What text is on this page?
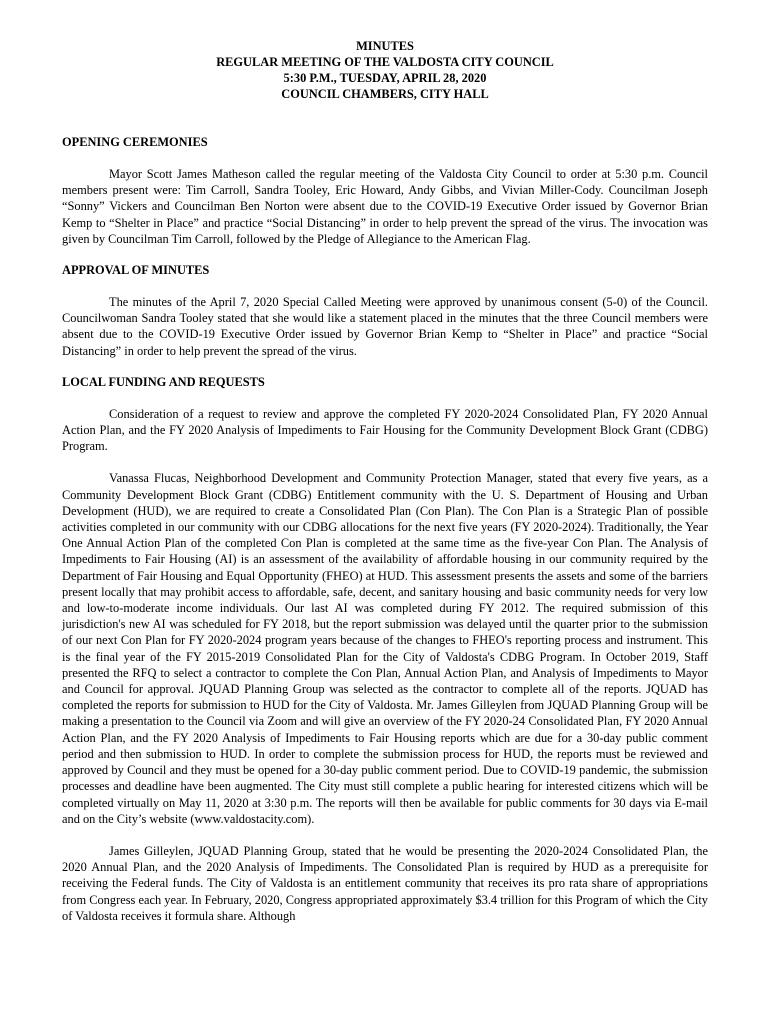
MINUTES
REGULAR MEETING OF THE VALDOSTA CITY COUNCIL
5:30 P.M., TUESDAY, APRIL 28, 2020
COUNCIL CHAMBERS, CITY HALL
OPENING CEREMONIES

Mayor Scott James Matheson called the regular meeting of the Valdosta City Council to order at 5:30 p.m. Council members present were: Tim Carroll, Sandra Tooley, Eric Howard, Andy Gibbs, and Vivian Miller-Cody. Councilman Joseph “Sonny” Vickers and Councilman Ben Norton were absent due to the COVID-19 Executive Order issued by Governor Brian Kemp to “Shelter in Place” and practice “Social Distancing” in order to help prevent the spread of the virus. The invocation was given by Councilman Tim Carroll, followed by the Pledge of Allegiance to the American Flag.

APPROVAL OF MINUTES

The minutes of the April 7, 2020 Special Called Meeting were approved by unanimous consent (5-0) of the Council. Councilwoman Sandra Tooley stated that she would like a statement placed in the minutes that the three Council members were absent due to the COVID-19 Executive Order issued by Governor Brian Kemp to “Shelter in Place” and practice “Social Distancing” in order to help prevent the spread of the virus.

LOCAL FUNDING AND REQUESTS

Consideration of a request to review and approve the completed FY 2020-2024 Consolidated Plan, FY 2020 Annual Action Plan, and the FY 2020 Analysis of Impediments to Fair Housing for the Community Development Block Grant (CDBG) Program.

Vanassa Flucas, Neighborhood Development and Community Protection Manager, stated that every five years, as a Community Development Block Grant (CDBG) Entitlement community with the U. S. Department of Housing and Urban Development (HUD), we are required to create a Consolidated Plan (Con Plan). The Con Plan is a Strategic Plan of possible activities completed in our community with our CDBG allocations for the next five years (FY 2020-2024). Traditionally, the Year One Annual Action Plan of the completed Con Plan is completed at the same time as the five-year Con Plan. The Analysis of Impediments to Fair Housing (AI) is an assessment of the availability of affordable housing in our community required by the Department of Fair Housing and Equal Opportunity (FHEO) at HUD. This assessment presents the assets and some of the barriers present locally that may prohibit access to affordable, safe, decent, and sanitary housing and basic community needs for very low and low-to-moderate income individuals. Our last AI was completed during FY 2012. The required submission of this jurisdiction's new AI was scheduled for FY 2018, but the report submission was delayed until the quarter prior to the submission of our next Con Plan for FY 2020-2024 program years because of the changes to FHEO's reporting process and instrument. This is the final year of the FY 2015-2019 Consolidated Plan for the City of Valdosta's CDBG Program. In October 2019, Staff presented the RFQ to select a contractor to complete the Con Plan, Annual Action Plan, and Analysis of Impediments to Mayor and Council for approval. JQUAD Planning Group was selected as the contractor to complete all of the reports. JQUAD has completed the reports for submission to HUD for the City of Valdosta. Mr. James Gilleylen from JQUAD Planning Group will be making a presentation to the Council via Zoom and will give an overview of the FY 2020-24 Consolidated Plan, FY 2020 Annual Action Plan, and the FY 2020 Analysis of Impediments to Fair Housing reports which are due for a 30-day public comment period and then submission to HUD. In order to complete the submission process for HUD, the reports must be reviewed and approved by Council and they must be opened for a 30-day public comment period. Due to COVID-19 pandemic, the submission processes and deadline have been augmented. The City must still complete a public hearing for interested citizens which will be completed virtually on May 11, 2020 at 3:30 p.m. The reports will then be available for public comments for 30 days via E-mail and on the City’s website (www.valdostacity.com).

James Gilleylen, JQUAD Planning Group, stated that he would be presenting the 2020-2024 Consolidated Plan, the 2020 Annual Plan, and the 2020 Analysis of Impediments. The Consolidated Plan is required by HUD as a prerequisite for receiving the Federal funds. The City of Valdosta is an entitlement community that receives its pro rata share of appropriations from Congress each year. In February, 2020, Congress appropriated approximately $3.4 trillion for this Program of which the City of Valdosta receives it formula share. Although
